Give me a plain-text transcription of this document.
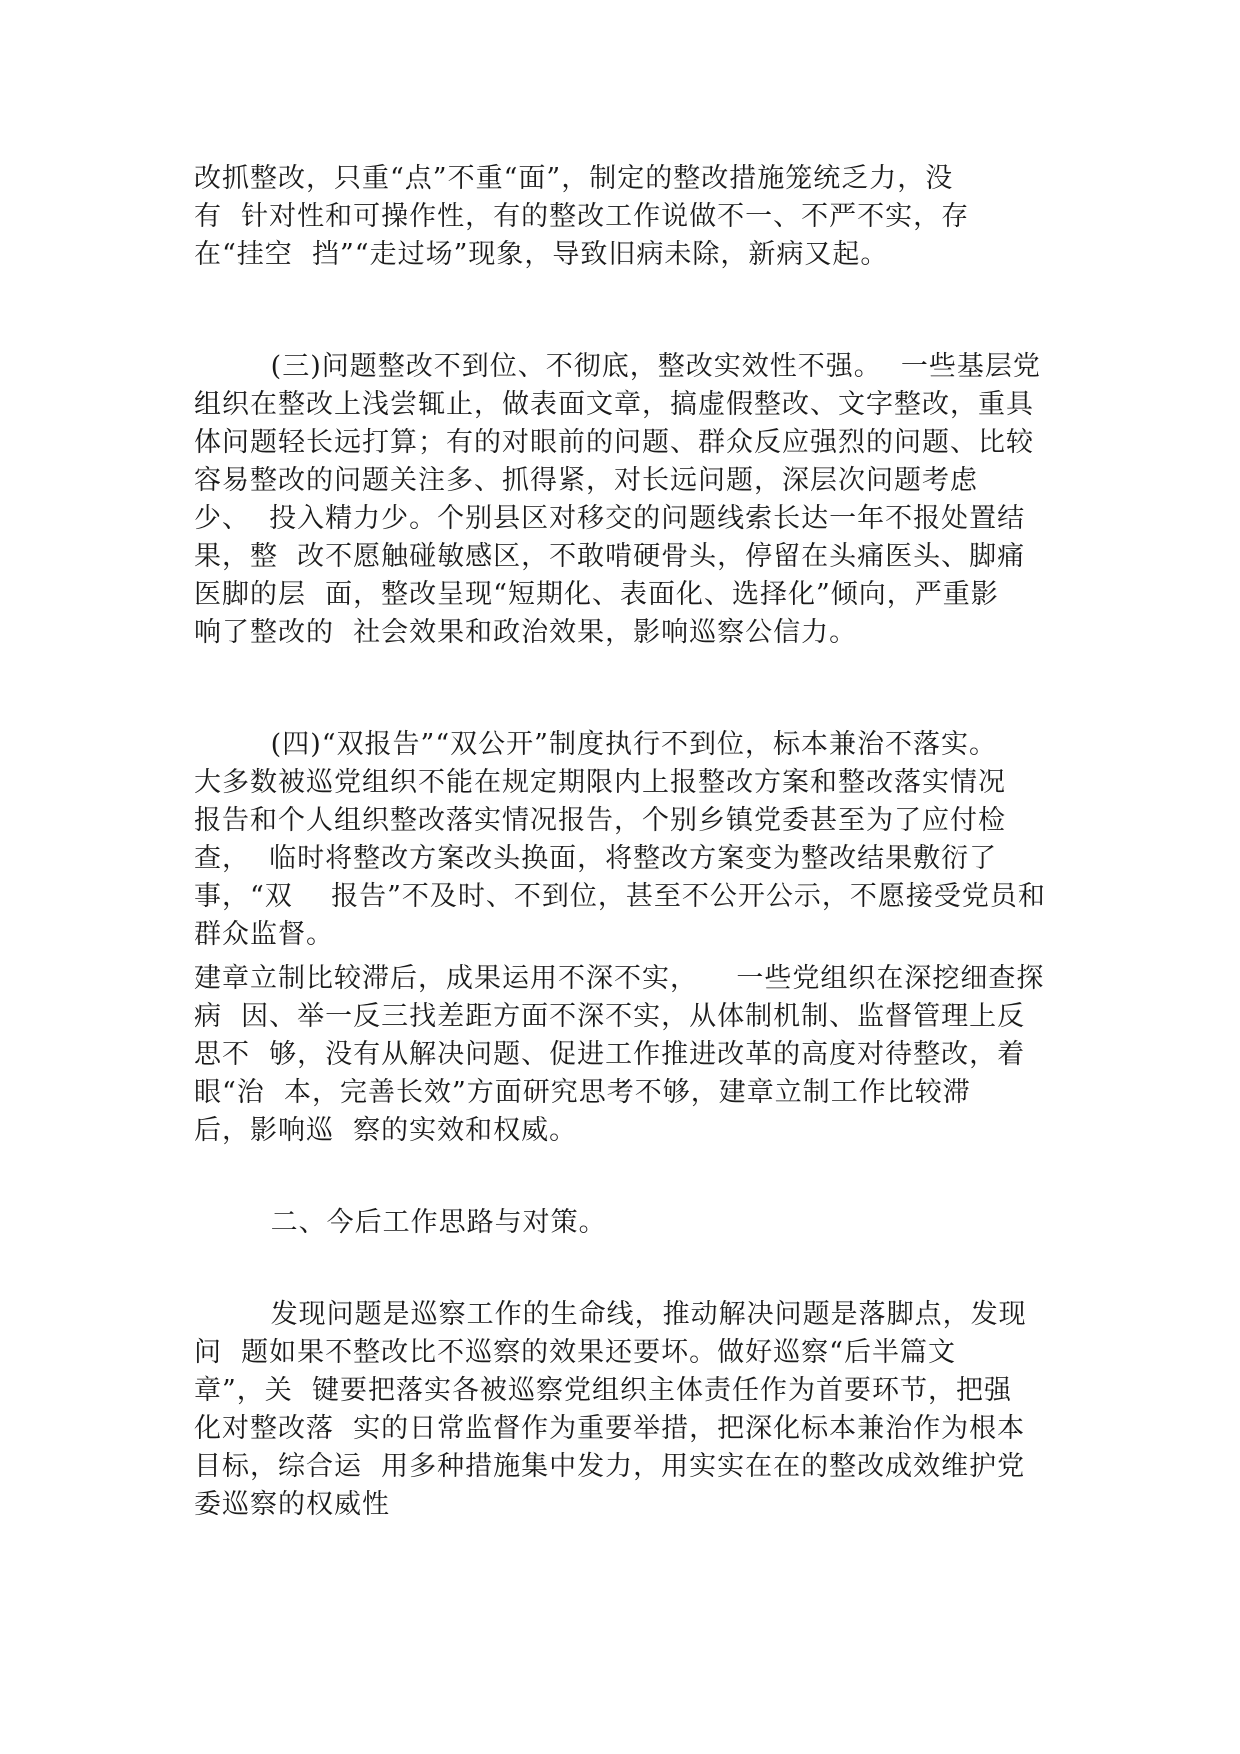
改抓整改，只重“点”不重“面”，制定的整改措施笼统乏力，没
有  针对性和可操作性，有的整改工作说做不一、不严不实，存
在“挂空  挡”“走过场”现象，导致旧病未除，新病又起。
(三)问题整改不到位、不彻底，整改实效性不强。  一些基层党
组织在整改上浅尝辄止，做表面文章，搞虚假整改、文字整改，重具
体问题轻长远打算；有的对眼前的问题、群众反应强烈的问题、比较
容易整改的问题关注多、抓得紧，对长远问题，深层次问题考虑
少、  投入精力少。个别县区对移交的问题线索长达一年不报处置结
果，整  改不愿触碰敏感区，不敢啃硬骨头，停留在头痛医头、脚痛
医脚的层  面，整改呈现“短期化、表面化、选择化”倾向，严重影
响了整改的  社会效果和政治效果，影响巡察公信力。
(四)“双报告”“双公开”制度执行不到位，标本兼治不落实。
大多数被巡党组织不能在规定期限内上报整改方案和整改落实情况
报告和个人组织整改落实情况报告，个别乡镇党委甚至为了应付检
查，  临时将整改方案改头换面，将整改方案变为整改结果敷衍了
事，“双    报告”不及时、不到位，甚至不公开公示，不愿接受党员和
群众监督。
建章立制比较滞后，成果运用不深不实，    一些党组织在深挖细查探
病  因、举一反三找差距方面不深不实，从体制机制、监督管理上反
思不  够，没有从解决问题、促进工作推进改革的高度对待整改，着
眼“治  本，完善长效”方面研究思考不够，建章立制工作比较滞
后，影响巡  察的实效和权威。
二、今后工作思路与对策。
发现问题是巡察工作的生命线，推动解决问题是落脚点，发现
问  题如果不整改比不巡察的效果还要坏。做好巡察“后半篇文
章”，关  键要把落实各被巡察党组织主体责任作为首要环节，把强
化对整改落  实的日常监督作为重要举措，把深化标本兼治作为根本
目标，综合运  用多种措施集中发力，用实实在在的整改成效维护党
委巡察的权威性
